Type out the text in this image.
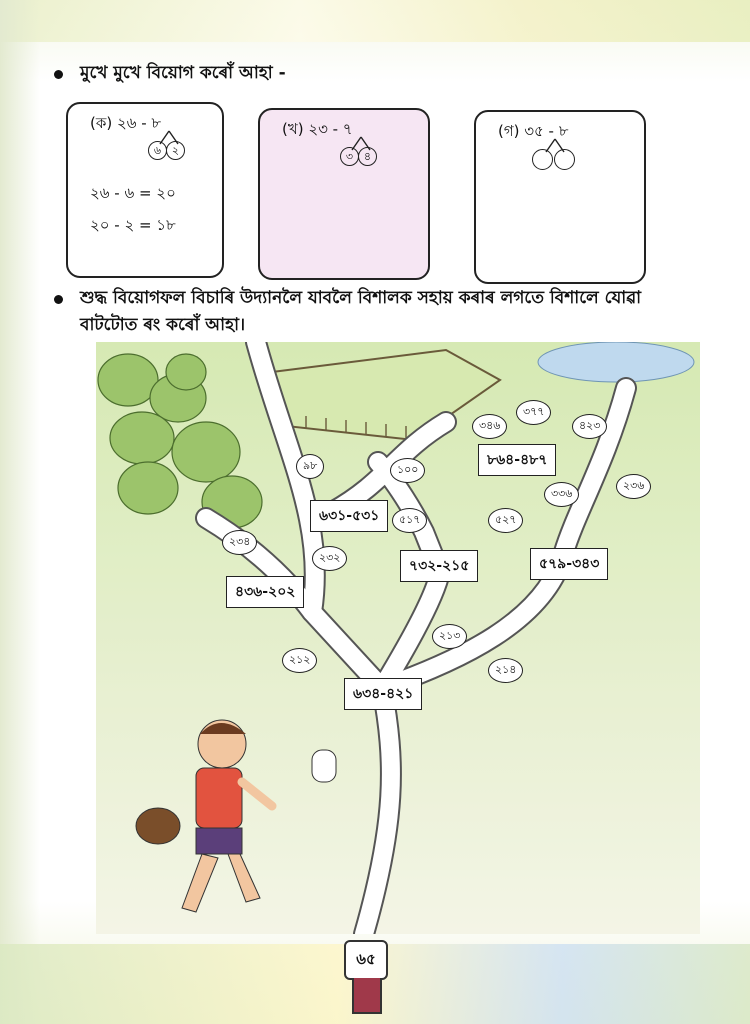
মুখে মুখে বিয়োগ কৰোঁ আহা -
(ক) ২৬ - ৮
৬ ২
২৬ - ৬ = ২০
২০ - ২ = ১৮
(খ) ২৩ - ৭
৩ ৪
(গ) ৩৫ - ৮
শুদ্ধ বিয়োগফল বিচাৰি উদ্যানলৈ যাবলৈ বিশালক সহায় কৰাৰ লগতে বিশালে যোৱা
বাটটোত ৰং কৰোঁ আহা।
৬৩১-৫৩১
৮৬৪-৪৮৭
৭৩২-২১৫	৫৭৯-৩৪৩
৪৩৬-২০২
৬৩৪-৪২১
৯৮	১০০
৩৪৬
৩৭৭
৪২৩
৩৩৬
২৩৬
৫১৭	৫২৭
২৩৪
২৩২
২১৩
২১২
২১৪
৬৫
